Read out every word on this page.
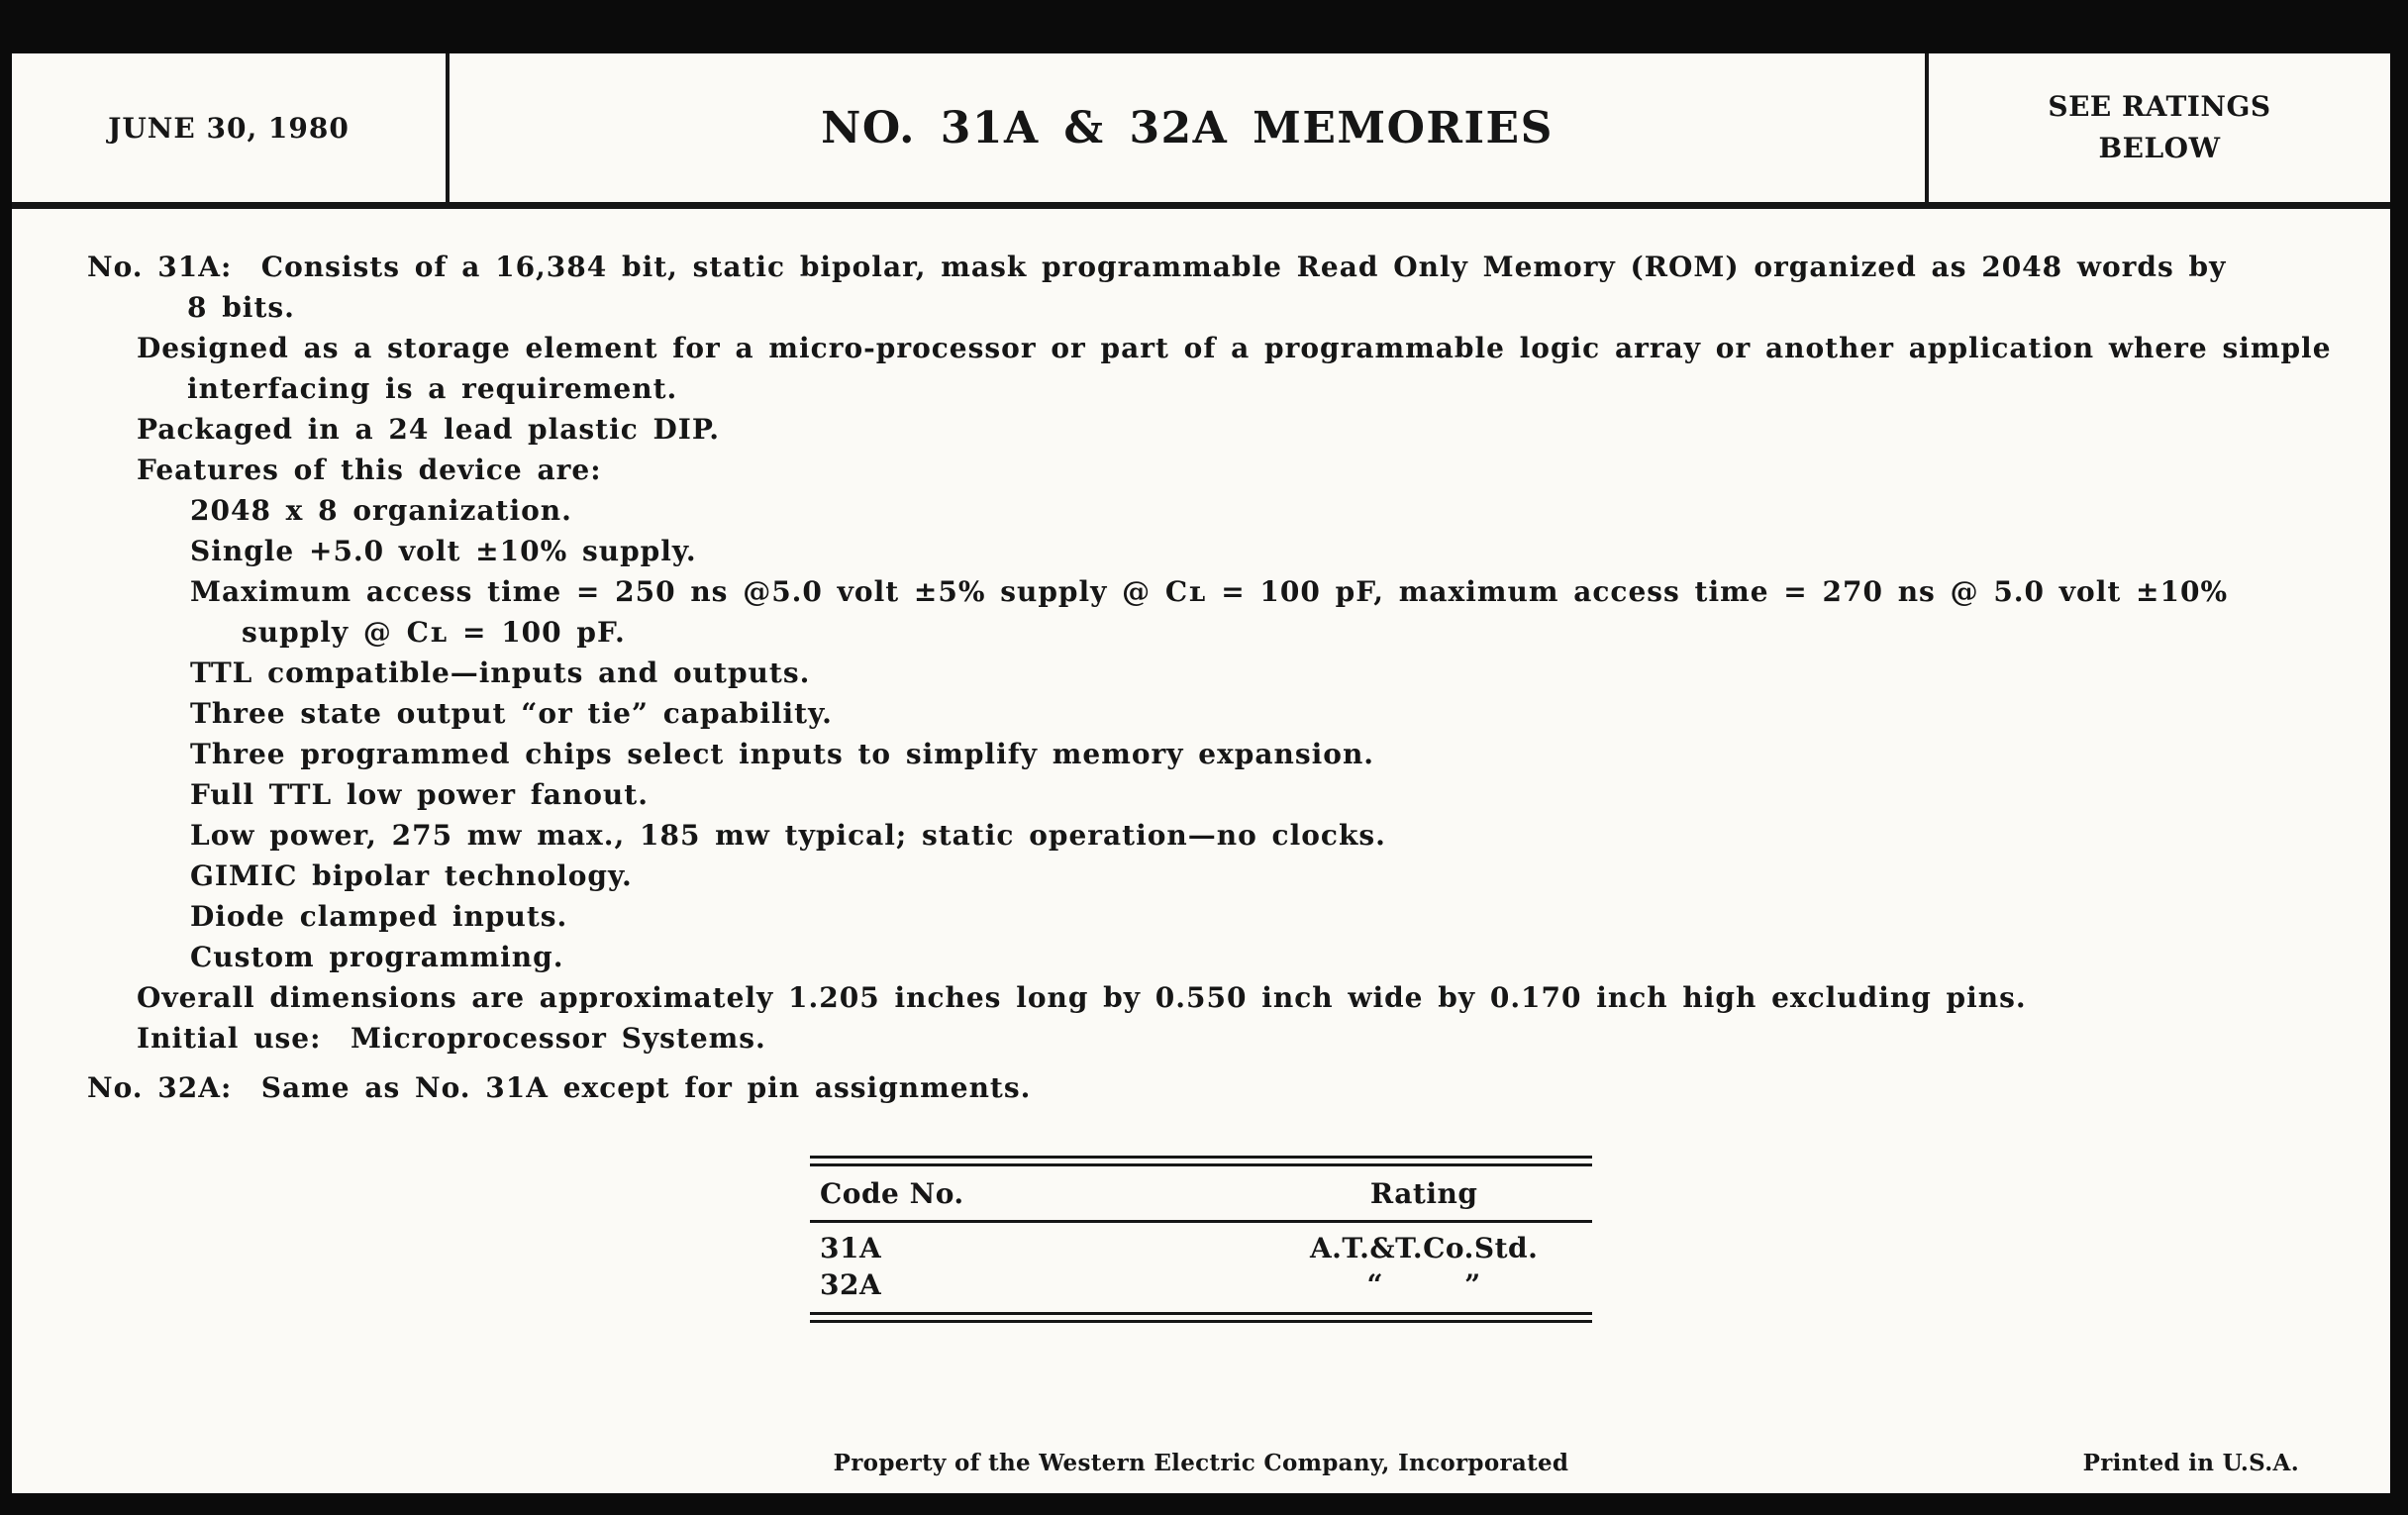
JUNE 30, 1980	NO. 31A & 32A MEMORIES	SEE RATINGS
BELOW
No. 31A:  Consists of a 16,384 bit, static bipolar, mask programmable Read Only Memory (ROM) organized as 2048 words by
8 bits.
Designed as a storage element for a micro-processor or part of a programmable logic array or another application where simple
interfacing is a requirement.
Packaged in a 24 lead plastic DIP.
Features of this device are:
2048 x 8 organization.
Single +5.0 volt ±10% supply.
Maximum access time = 250 ns @5.0 volt ±5% supply @ Cʟ = 100 pF, maximum access time = 270 ns @ 5.0 volt ±10%
supply @ Cʟ = 100 pF.
TTL compatible—inputs and outputs.
Three state output “or tie” capability.
Three programmed chips select inputs to simplify memory expansion.
Full TTL low power fanout.
Low power, 275 mw max., 185 mw typical; static operation—no clocks.
GIMIC bipolar technology.
Diode clamped inputs.
Custom programming.
Overall dimensions are approximately 1.205 inches long by 0.550 inch wide by 0.170 inch high excluding pins.
Initial use:  Microprocessor Systems.
No. 32A:  Same as No. 31A except for pin assignments.
Code No.	Rating
31A	A.T.&T.Co.Std.
32A	“        ”
Property of the Western Electric Company, Incorporated	Printed in U.S.A.
